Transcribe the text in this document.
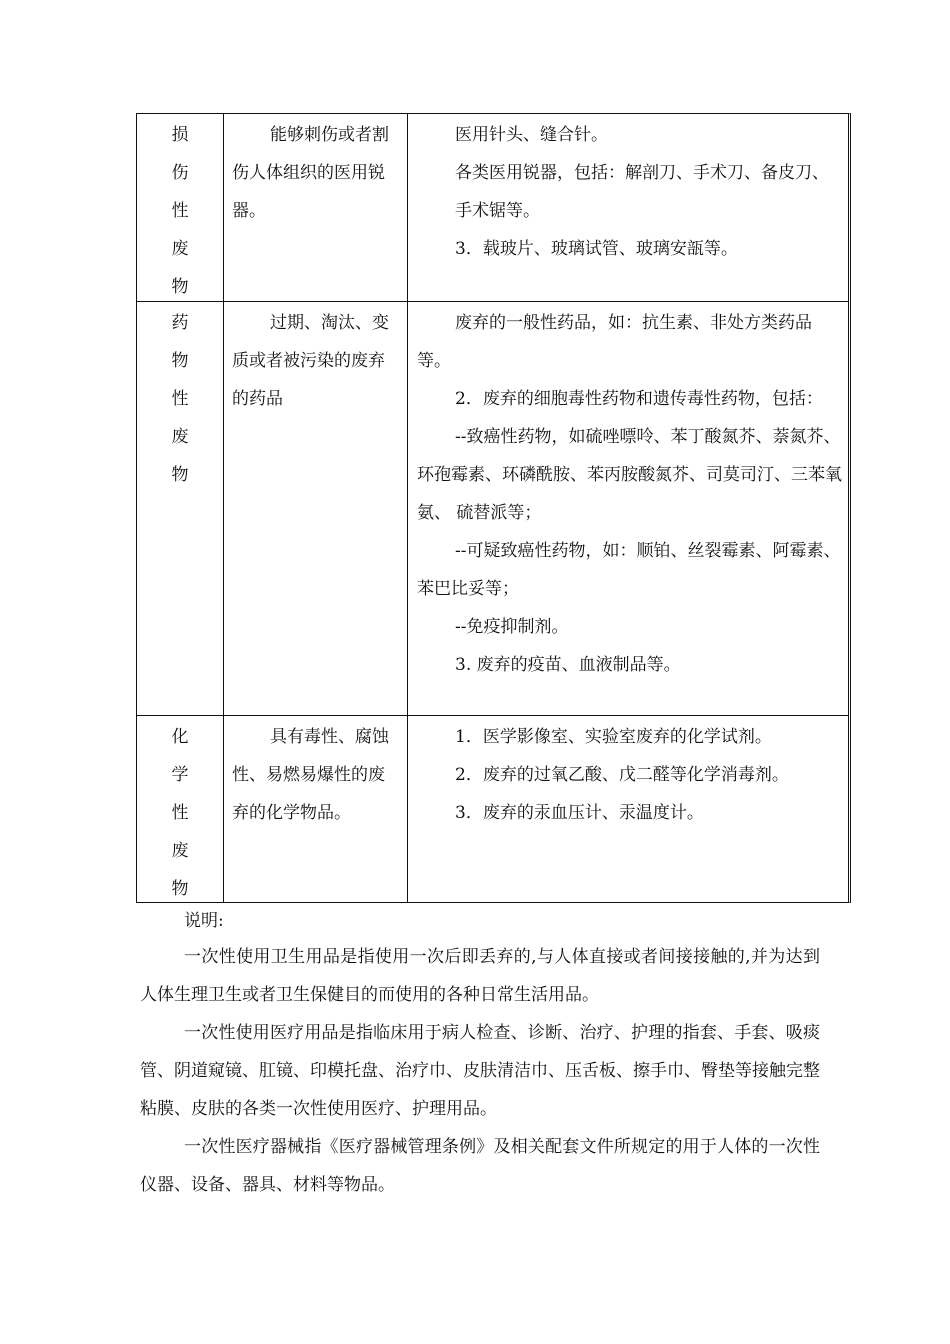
损
伤
性
废
物

能够刺伤或者割伤人体组织的医用锐器。

医用针头、缝合针。

各类医用锐器，包括：解剖刀、手术刀、备皮刀、

手术锯等。

3．载玻片、玻璃试管、玻璃安瓿等。

药
物
性
废
物

过期、淘汰、变质或者被污染的废弃的药品

废弃的一般性药品，如：抗生素、非处方类药品等。

2．废弃的细胞毒性药物和遗传毒性药物，包括：

--致癌性药物，如硫唑嘌呤、苯丁酸氮芥、萘氮芥、环孢霉素、环磷酰胺、苯丙胺酸氮芥、司莫司汀、三苯氧氨、 硫替派等；

--可疑致癌性药物，如：顺铂、丝裂霉素、阿霉素、苯巴比妥等；

--免疫抑制剂。

3. 废弃的疫苗、血液制品等。

化
学
性
废
物

具有毒性、腐蚀性、易燃易爆性的废弃的化学物品。

1．医学影像室、实验室废弃的化学试剂。

2．废弃的过氧乙酸、戊二醛等化学消毒剂。

3．废弃的汞血压计、汞温度计。

说明:

一次性使用卫生用品是指使用一次后即丢弃的,与人体直接或者间接接触的,并为达到人体生理卫生或者卫生保健目的而使用的各种日常生活用品。

一次性使用医疗用品是指临床用于病人检查、诊断、治疗、护理的指套、手套、吸痰管、阴道窥镜、肛镜、印模托盘、治疗巾、皮肤清洁巾、压舌板、擦手巾、臀垫等接触完整粘膜、皮肤的各类一次性使用医疗、护理用品。

一次性医疗器械指《医疗器械管理条例》及相关配套文件所规定的用于人体的一次性仪器、设备、器具、材料等物品。
